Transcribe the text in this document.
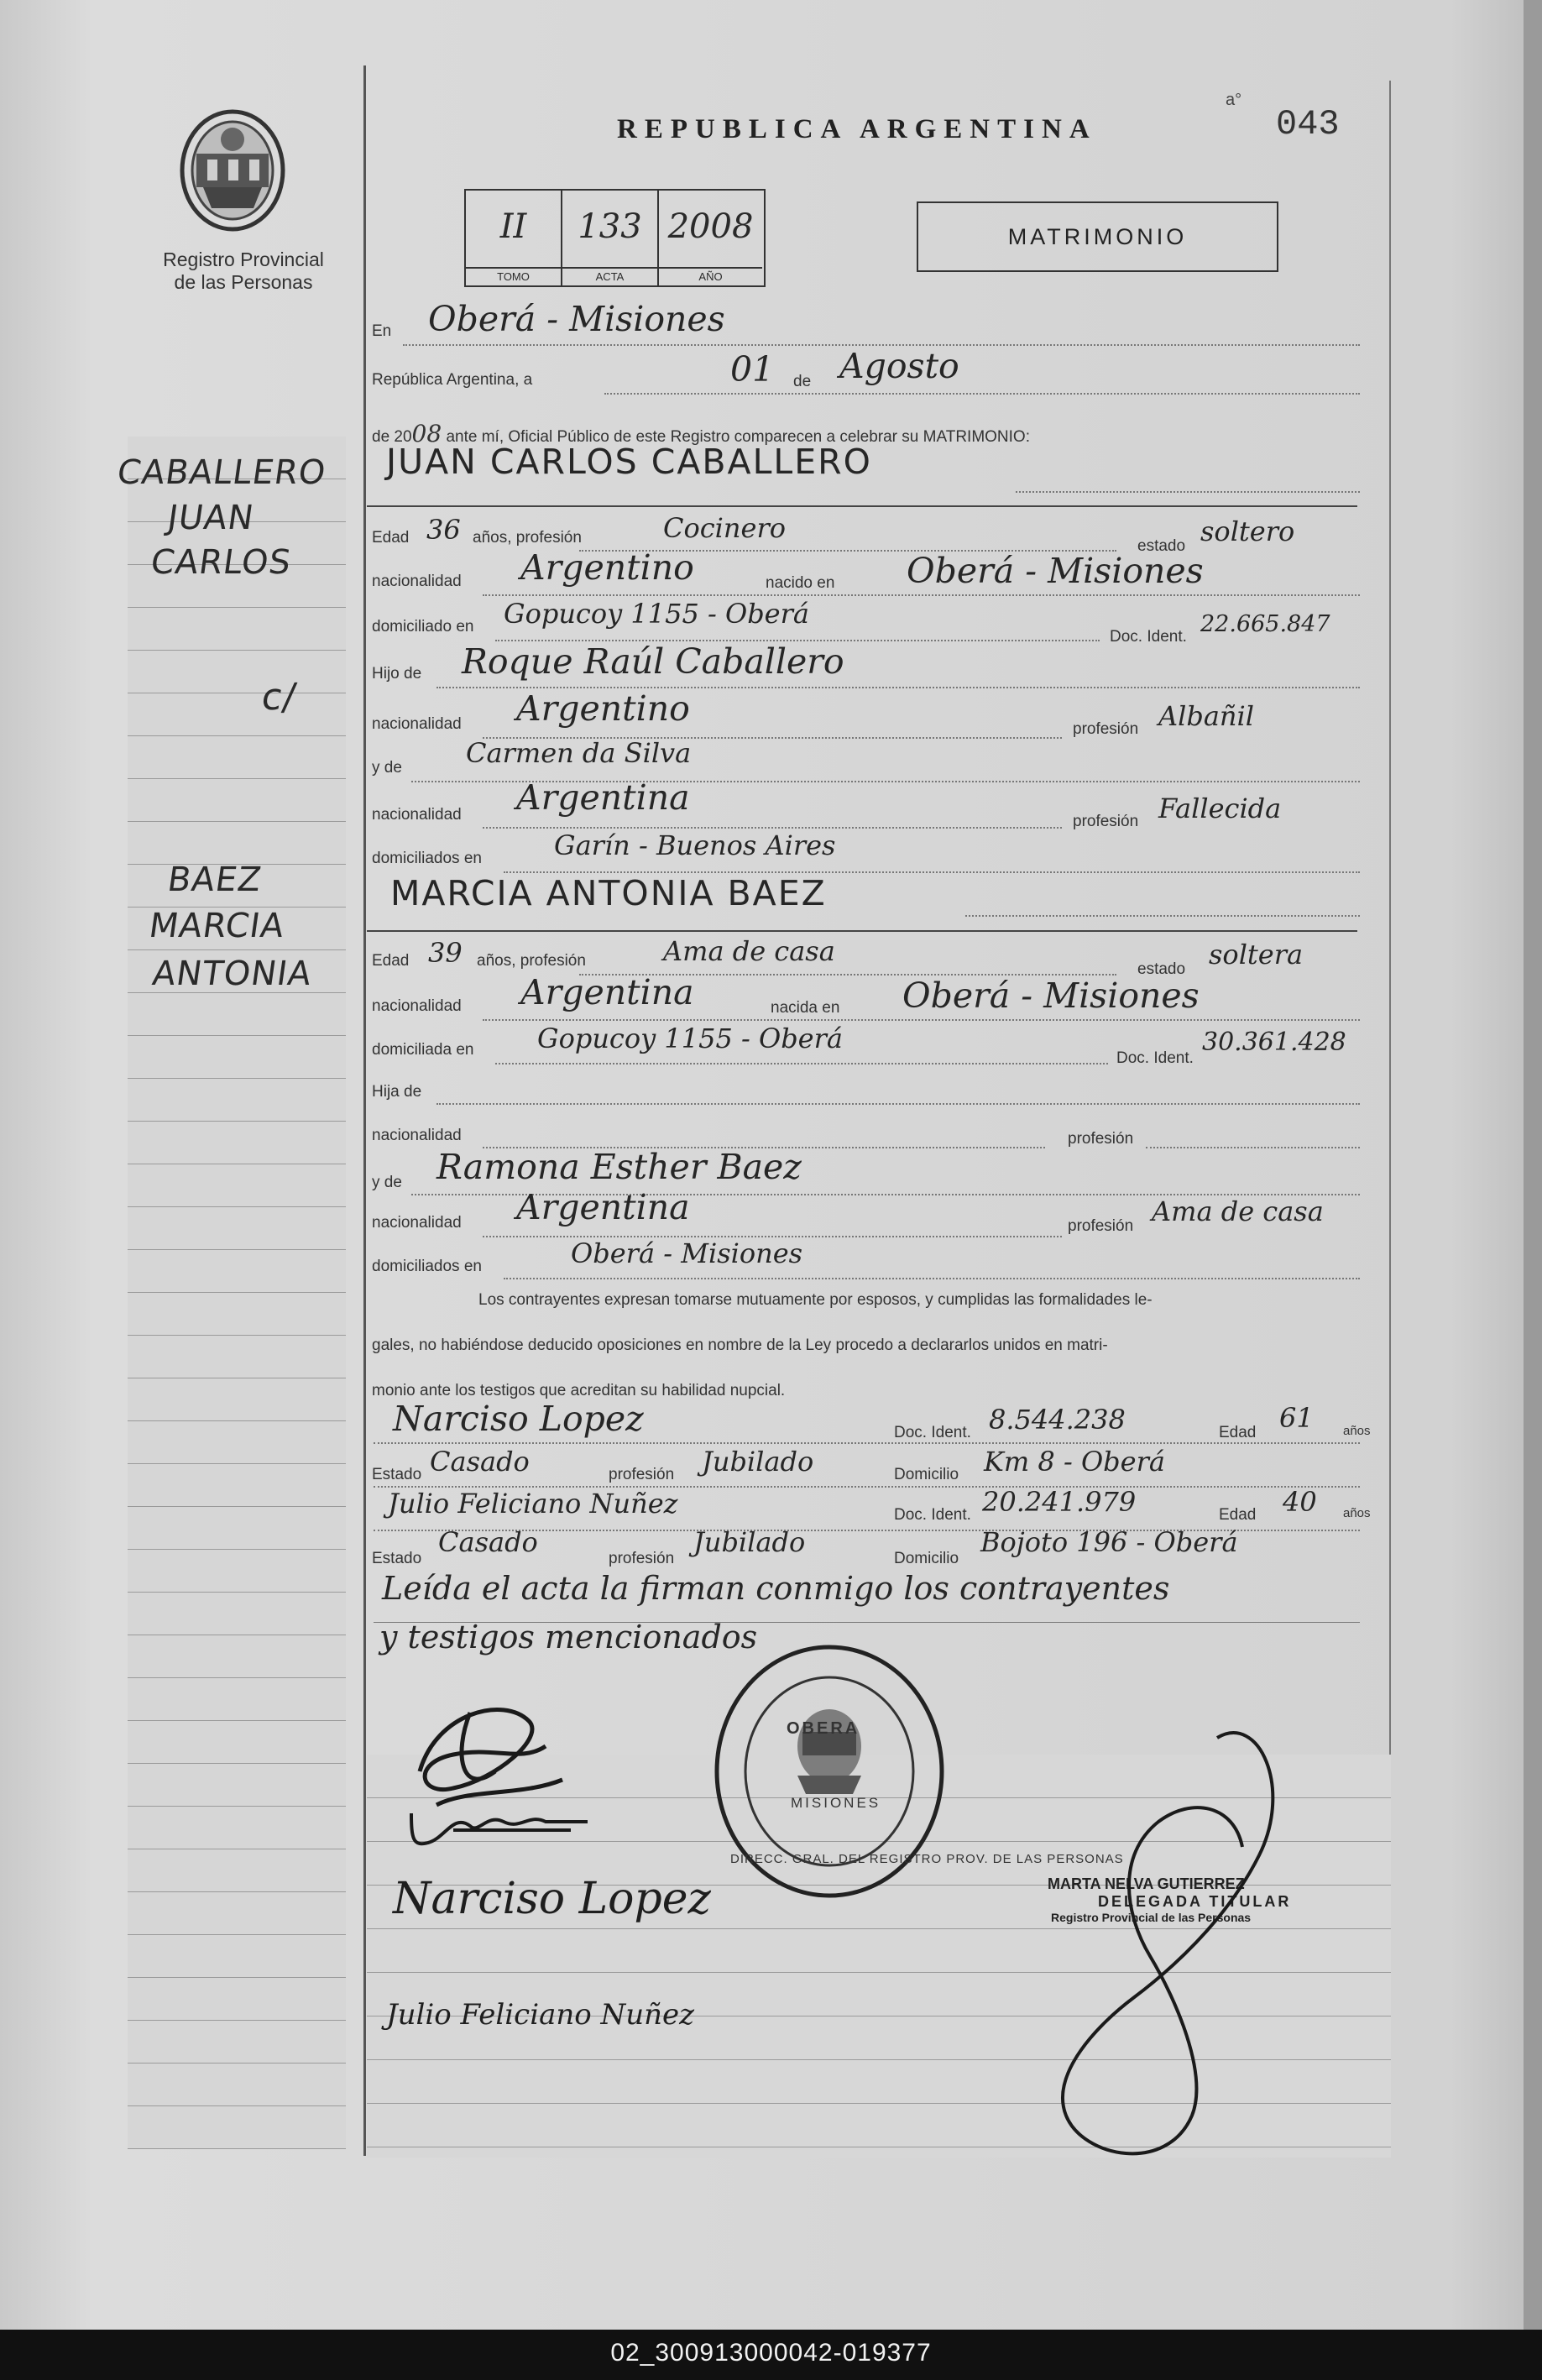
Registro Provincial
de las Personas
CABALLERO
JUAN
CARLOS
c/
BAEZ
MARCIA
ANTONIA
REPUBLICA ARGENTINA
a°
043
II
TOMO
133
ACTA
2008
AÑO
MATRIMONIO
En Oberá - Misiones
República Argentina, a	01 de Agosto
de 2008 ante mí, Oficial Público de este Registro comparecen a celebrar su MATRIMONIO:
JUAN CARLOS CABALLERO
Edad 36 años, profesión	Cocinero
estado soltero
nacionalidad Argentino	nacido en Oberá - Misiones
domiciliado en Gopucoy 1155 - Oberá
Doc. Ident. 22.665.847
Hijo de Roque Raúl Caballero
nacionalidad Argentino
profesión Albañil
y de Carmen da Silva
nacionalidad Argentina
profesión Fallecida
domiciliados en	Garín - Buenos Aires
MARCIA ANTONIA BAEZ
Edad 39 años, profesión	Ama de casa
estado soltera
nacionalidad Argentina	nacida en Oberá - Misiones
domiciliada en Gopucoy 1155 - Oberá
Doc. Ident.
30.361.428
Hija de
nacionalidad	profesión
y de Ramona Esther Baez
nacionalidad Argentina	profesión Ama de casa
domiciliados en	Oberá - Misiones
Los contrayentes expresan tomarse mutuamente por esposos, y cumplidas las formalidades le-
gales, no habiéndose deducido oposiciones en nombre de la Ley procedo a declararlos unidos en matri-
monio ante los testigos que acreditan su habilidad nupcial.
Narciso Lopez	Doc. Ident. 8.544.238	Edad 61 años
Estado Casado	profesión Jubilado	Domicilio Km 8 - Oberá
Julio Feliciano Nuñez	Doc. Ident. 20.241.979	Edad 40 años
Estado
Casado
profesión
Jubilado
Domicilio
Bojoto 196 - Oberá
Leída el acta la firman conmigo los contrayentes
y testigos mencionados
OBERA
MISIONES
DIRECC. GRAL. DEL REGISTRO PROV. DE LAS PERSONAS
Narciso Lopez
Julio Feliciano Nuñez
MARTA NELVA GUTIERREZ
DELEGADA TITULAR
Registro Provincial de las Personas
02_300913000042-019377
